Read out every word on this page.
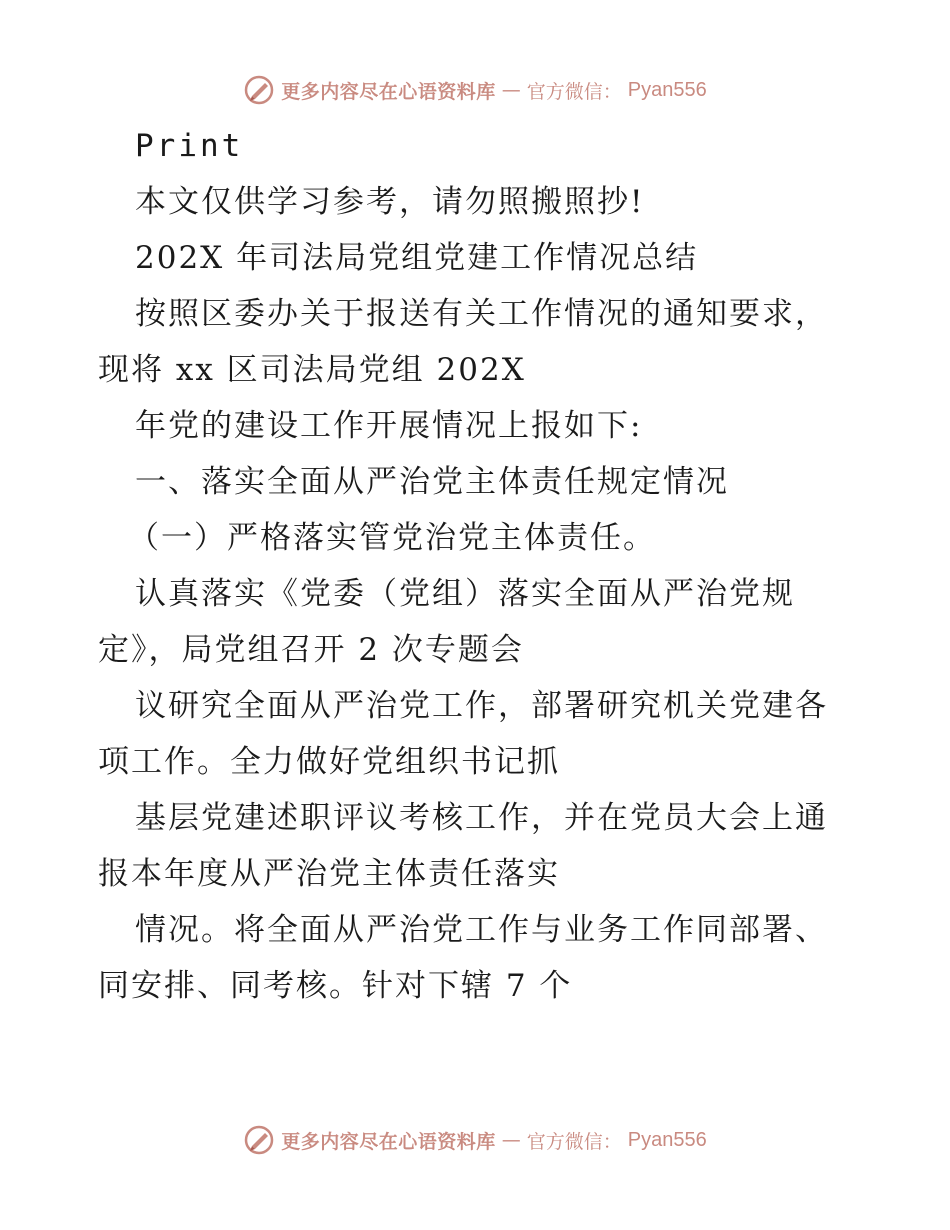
更多内容尽在心语资料库 — 官方微信： Pyan556
Print
本文仅供学习参考，请勿照搬照抄!
202X 年司法局党组党建工作情况总结
按照区委办关于报送有关工作情况的通知要求，
现将 xx 区司法局党组 202X
年党的建设工作开展情况上报如下:
一、落实全面从严治党主体责任规定情况
（一）严格落实管党治党主体责任。
认真落实《党委（党组）落实全面从严治党规
定》，局党组召开 2 次专题会
议研究全面从严治党工作，部署研究机关党建各
项工作。全力做好党组织书记抓
基层党建述职评议考核工作，并在党员大会上通
报本年度从严治党主体责任落实
情况。将全面从严治党工作与业务工作同部署、
同安排、同考核。针对下辖 7 个
更多内容尽在心语资料库 — 官方微信： Pyan556
